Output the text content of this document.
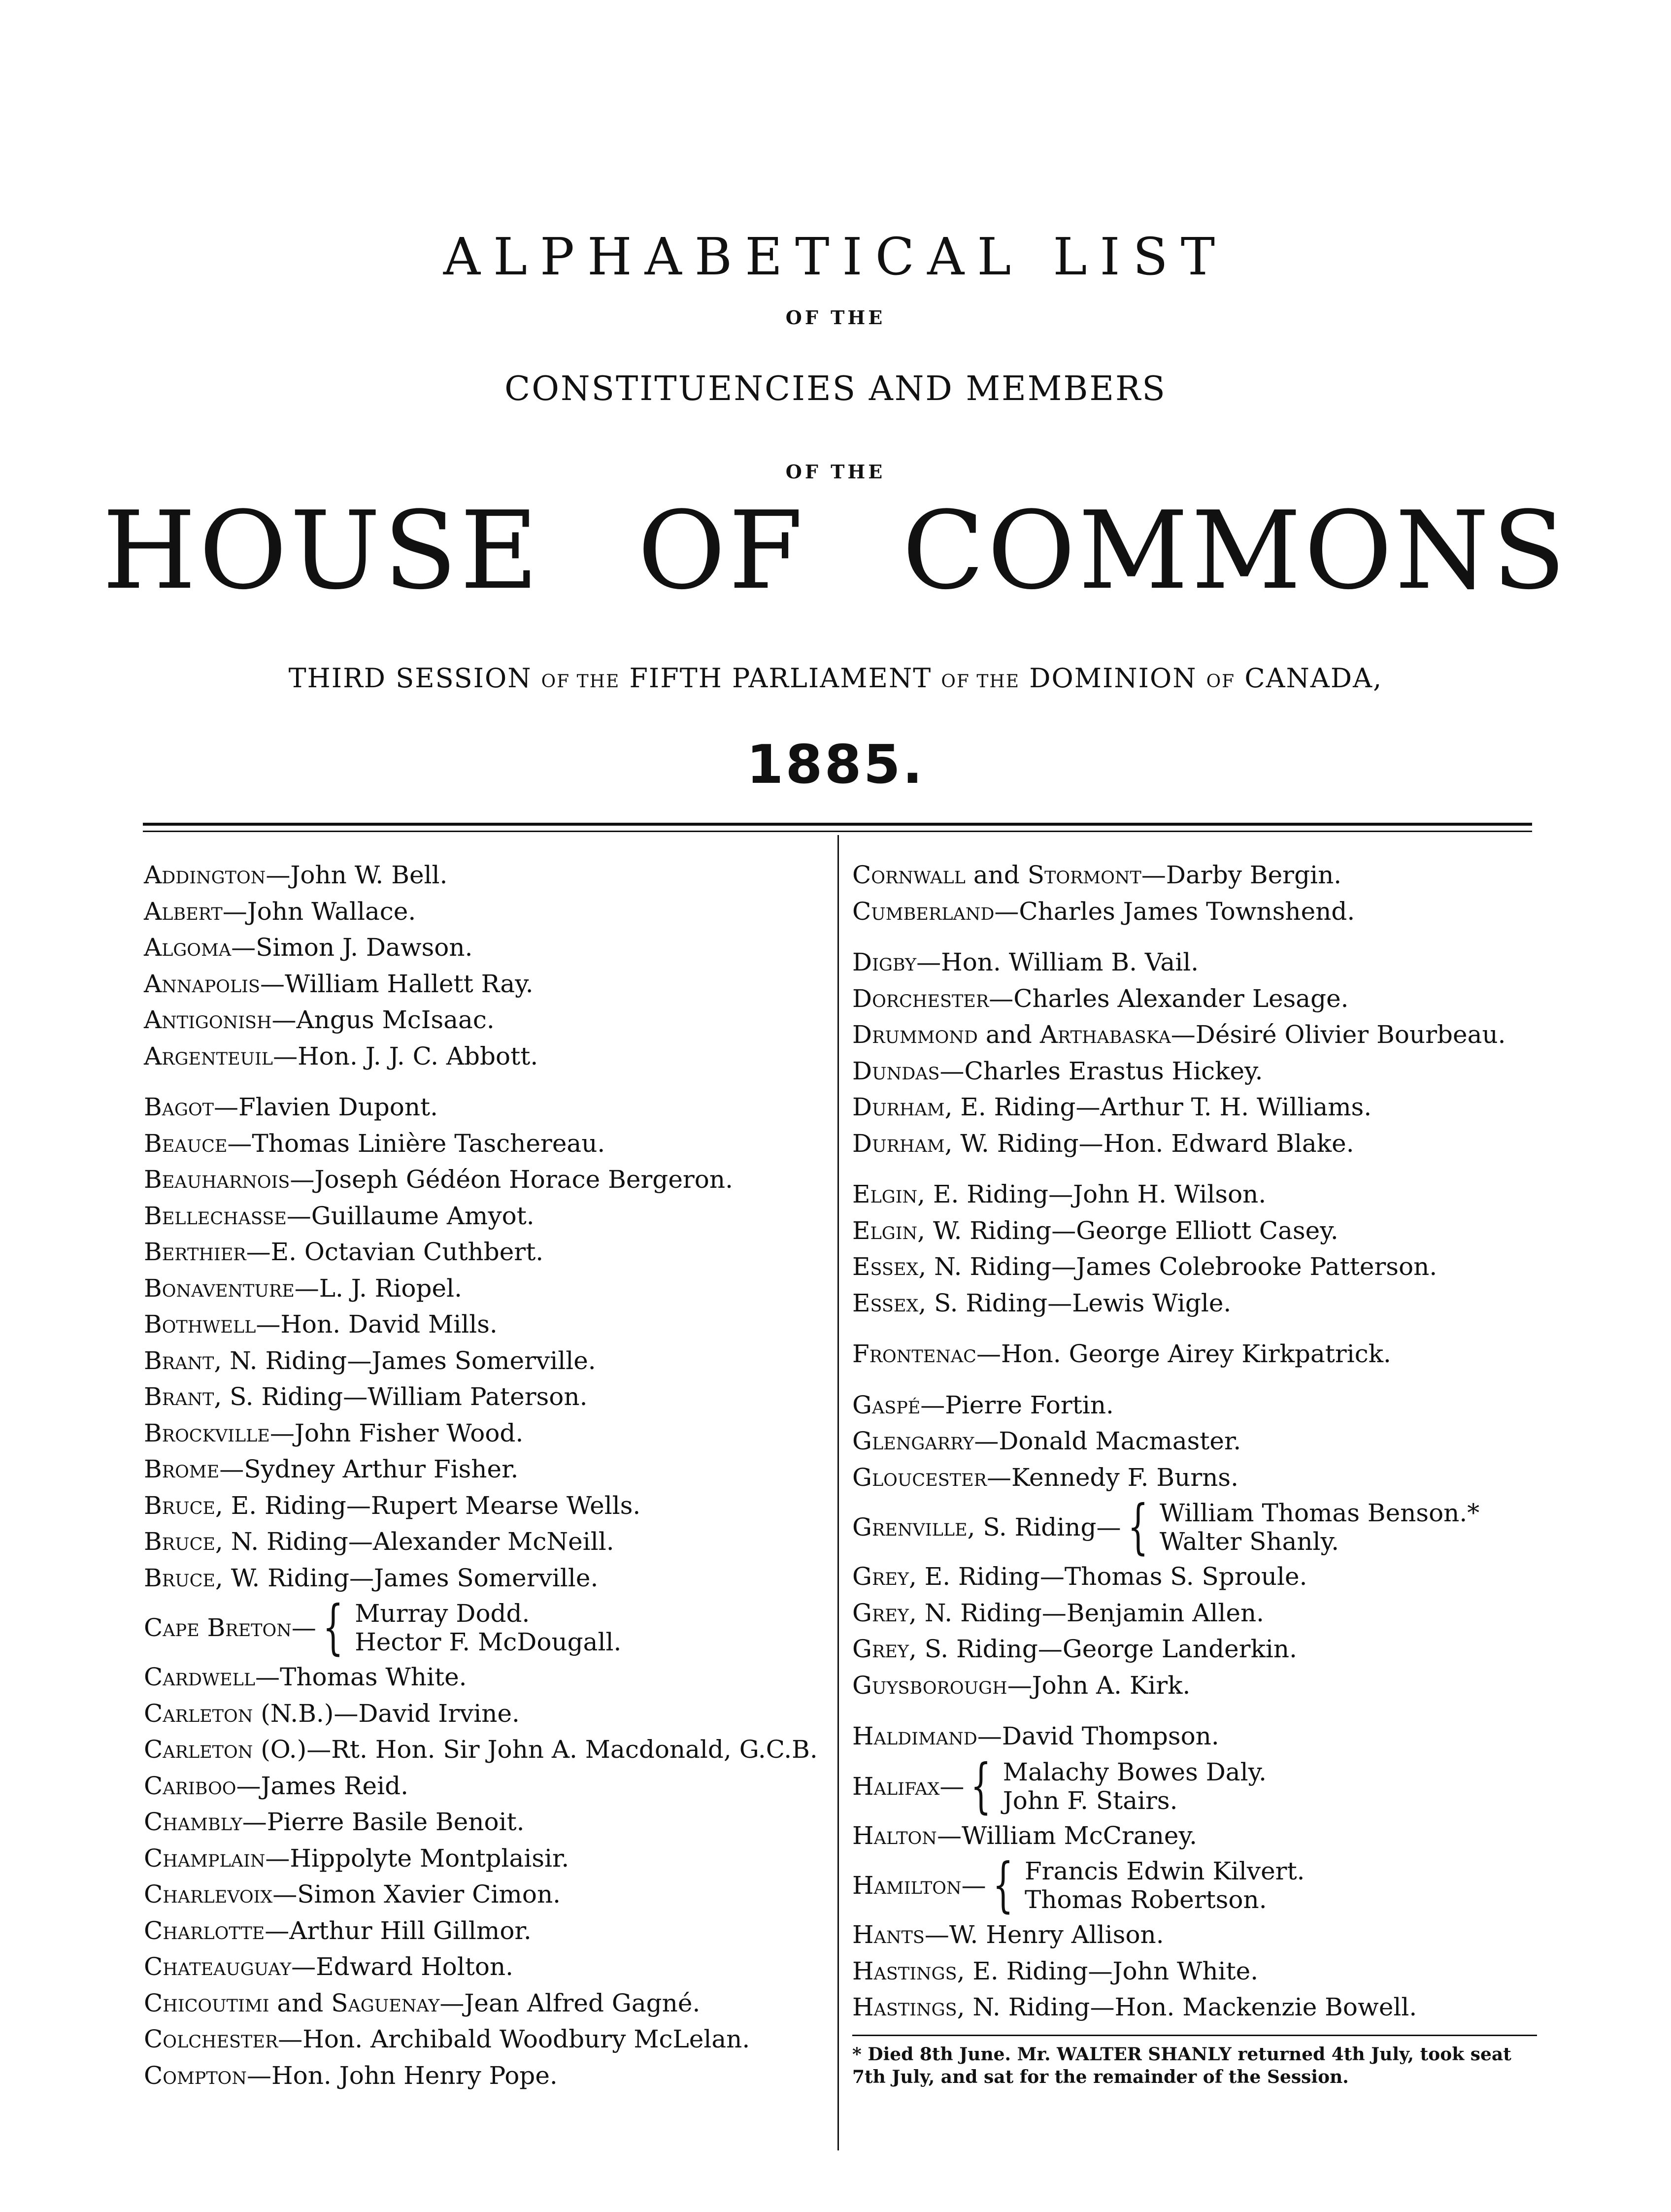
ALPHABETICAL LIST
OF THE
CONSTITUENCIES AND MEMBERS
OF THE
HOUSE OF COMMONS
THIRD SESSION OF THE FIFTH PARLIAMENT OF THE DOMINION OF CANADA,
1885.
Addington—John W. Bell.
Albert—John Wallace.
Algoma—Simon J. Dawson.
Annapolis—William Hallett Ray.
Antigonish—Angus McIsaac.
Argenteuil—Hon. J. J. C. Abbott.
Bagot—Flavien Dupont.
Beauce—Thomas Linière Taschereau.
Beauharnois—Joseph Gédéon Horace Bergeron.
Bellechasse—Guillaume Amyot.
Berthier—E. Octavian Cuthbert.
Bonaventure—L. J. Riopel.
Bothwell—Hon. David Mills.
Brant, N. Riding—James Somerville.
Brant, S. Riding—William Paterson.
Brockville—John Fisher Wood.
Brome—Sydney Arthur Fisher.
Bruce, E. Riding—Rupert Mearse Wells.
Bruce, N. Riding—Alexander McNeill.
Bruce, W. Riding—James Somerville.
Cape Breton— { Murray Dodd.
Hector F. McDougall.
Cardwell—Thomas White.
Carleton (N.B.)—David Irvine.
Carleton (O.)—Rt. Hon. Sir John A. Macdonald, G.C.B.
Cariboo—James Reid.
Chambly—Pierre Basile Benoit.
Champlain—Hippolyte Montplaisir.
Charlevoix—Simon Xavier Cimon.
Charlotte—Arthur Hill Gillmor.
Chateauguay—Edward Holton.
Chicoutimi and Saguenay—Jean Alfred Gagné.
Colchester—Hon. Archibald Woodbury McLelan.
Compton—Hon. John Henry Pope.
Cornwall and Stormont—Darby Bergin.
Cumberland—Charles James Townshend.
Digby—Hon. William B. Vail.
Dorchester—Charles Alexander Lesage.
Drummond and Arthabaska—Désiré Olivier Bourbeau.
Dundas—Charles Erastus Hickey.
Durham, E. Riding—Arthur T. H. Williams.
Durham, W. Riding—Hon. Edward Blake.
Elgin, E. Riding—John H. Wilson.
Elgin, W. Riding—George Elliott Casey.
Essex, N. Riding—James Colebrooke Patterson.
Essex, S. Riding—Lewis Wigle.
Frontenac—Hon. George Airey Kirkpatrick.
Gaspé—Pierre Fortin.
Glengarry—Donald Macmaster.
Gloucester—Kennedy F. Burns.
Grenville, S. Riding— { William Thomas Benson.*
Walter Shanly.
Grey, E. Riding—Thomas S. Sproule.
Grey, N. Riding—Benjamin Allen.
Grey, S. Riding—George Landerkin.
Guysborough—John A. Kirk.
Haldimand—David Thompson.
Halifax— { Malachy Bowes Daly.
John F. Stairs.
Halton—William McCraney.
Hamilton— { Francis Edwin Kilvert.
Thomas Robertson.
Hants—W. Henry Allison.
Hastings, E. Riding—John White.
Hastings, N. Riding—Hon. Mackenzie Bowell.
* Died 8th June. Mr. WALTER SHANLY returned 4th July, took seat
7th July, and sat for the remainder of the Session.
